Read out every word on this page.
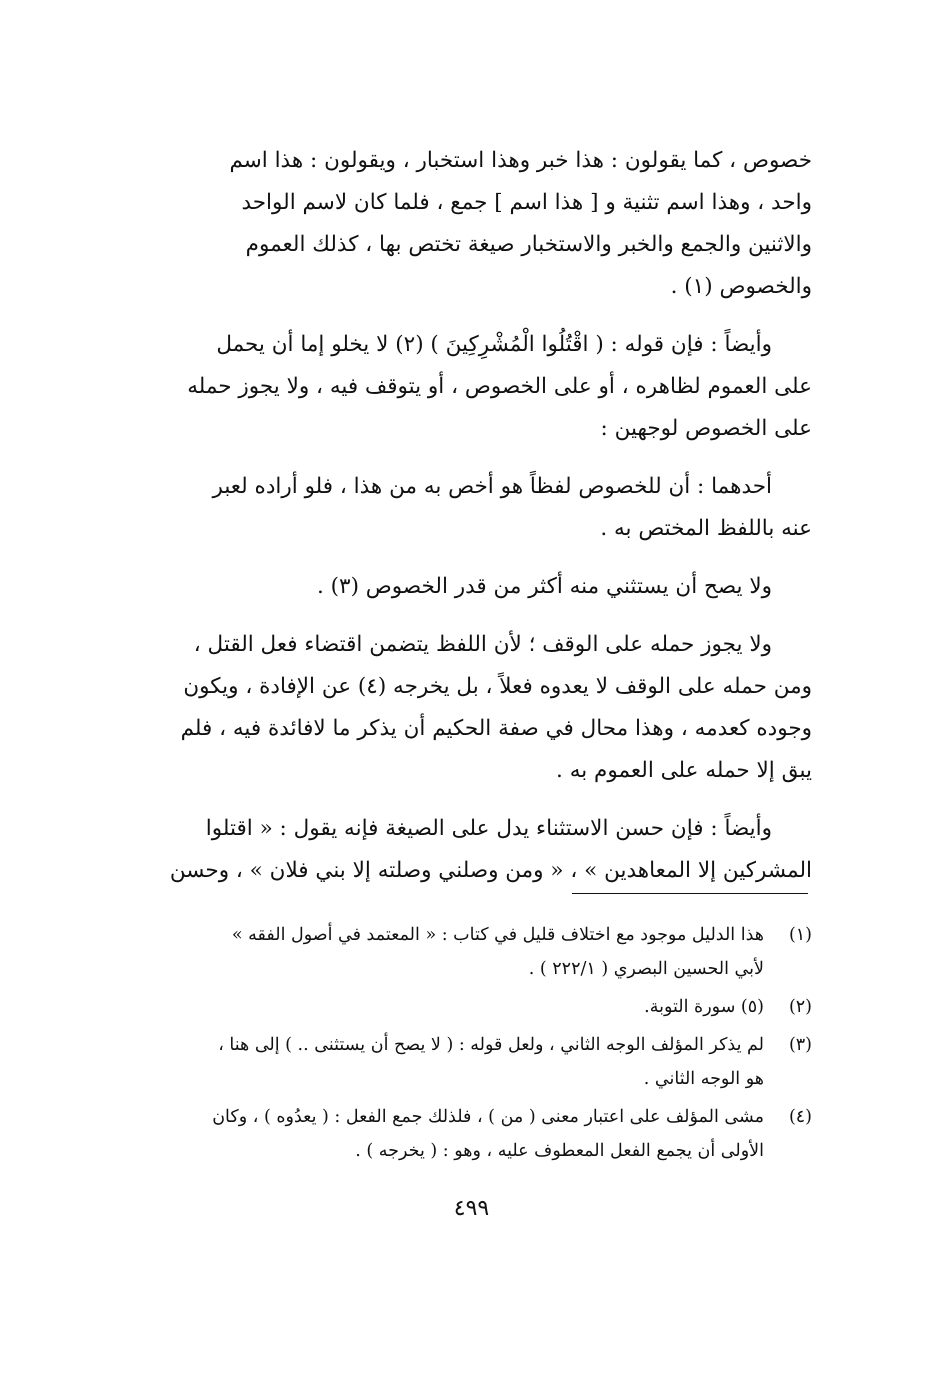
خصوص ، كما يقولون : هذا خبر وهذا استخبار ، ويقولون : هذا اسم

واحد ، وهذا اسم تثنية و [ هذا اسم ] جمع ، فلما كان لاسم الواحد

والاثنين والجمع والخبر والاستخبار صيغة تختص بها ، كذلك العموم

والخصوص (١) .

وأيضاً : فإن قوله : ( اقْتُلُوا الْمُشْرِكِينَ ) (٢) لا يخلو إما أن يحمل

على العموم لظاهره ، أو على الخصوص ، أو يتوقف فيه ، ولا يجوز حمله

على الخصوص لوجهين :

أحدهما : أن للخصوص لفظاً هو أخص به من هذا ، فلو أراده لعبر

عنه باللفظ المختص به .

ولا يصح أن يستثني منه أكثر من قدر الخصوص (٣) .

ولا يجوز حمله على الوقف ؛ لأن اللفظ يتضمن اقتضاء فعل القتل ،

ومن حمله على الوقف لا يعدوه فعلاً ، بل يخرجه (٤) عن الإفادة ، ويكون

وجوده كعدمه ، وهذا محال في صفة الحكيم أن يذكر ما لافائدة فيه ، فلم

يبق إلا حمله على العموم به .

وأيضاً : فإن حسن الاستثناء يدل على الصيغة فإنه يقول : « اقتلوا

المشركين إلا المعاهدين » ، « ومن وصلني وصلته إلا بني فلان » ، وحسن

(١)

هذا الدليل موجود مع اختلاف قليل في كتاب : « المعتمد في أصول الفقه »

لأبي الحسين البصري ( ٢٢٢/١ ) .

(٢)

(٥) سورة التوبة.

(٣)

لم يذكر المؤلف الوجه الثاني ، ولعل قوله : ( لا يصح أن يستثنى .. ) إلى هنا ،

هو الوجه الثاني .

(٤)

مشى المؤلف على اعتبار معنى ( من ) ، فلذلك جمع الفعل : ( يعدُوه ) ، وكان

الأولى أن يجمع الفعل المعطوف عليه ، وهو : ( يخرجه ) .

٤٩٩
